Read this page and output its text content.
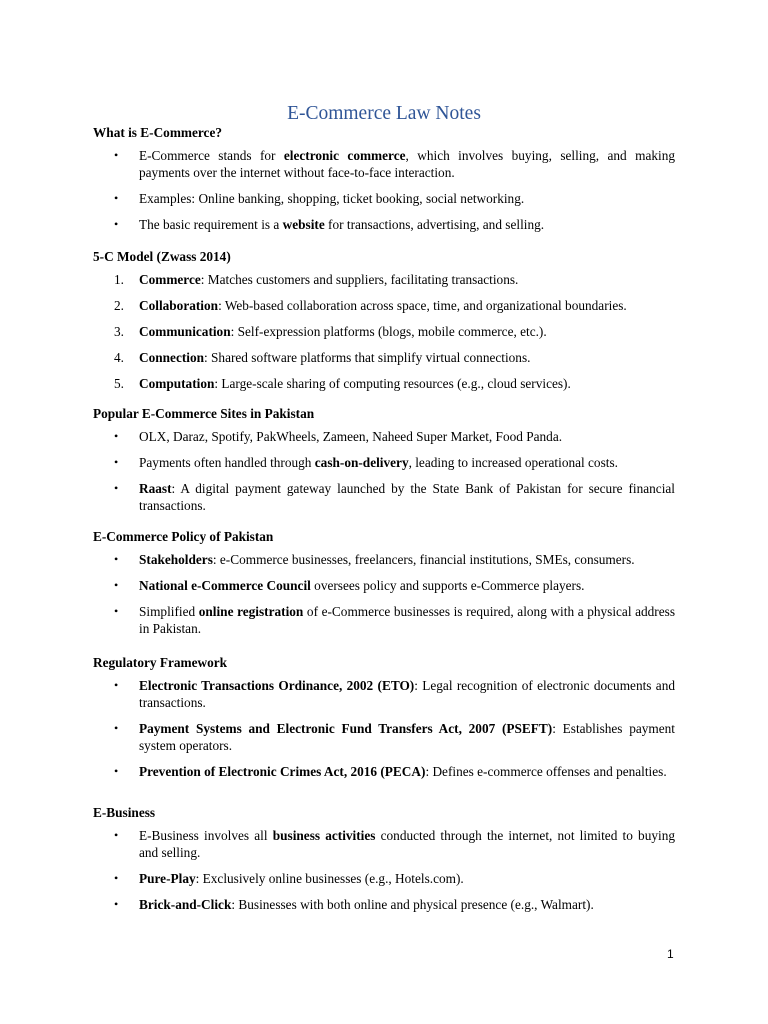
E-Commerce Law Notes
What is E-Commerce?
•	E-Commerce stands for electronic commerce, which involves buying, selling, and making payments over the internet without face-to-face interaction.
•	Examples: Online banking, shopping, ticket booking, social networking.
•	The basic requirement is a website for transactions, advertising, and selling.
5-C Model (Zwass 2014)
1.	Commerce: Matches customers and suppliers, facilitating transactions.
2.	Collaboration: Web-based collaboration across space, time, and organizational boundaries.
3.	Communication: Self-expression platforms (blogs, mobile commerce, etc.).
4.	Connection: Shared software platforms that simplify virtual connections.
5.	Computation: Large-scale sharing of computing resources (e.g., cloud services).
Popular E-Commerce Sites in Pakistan
•	OLX, Daraz, Spotify, PakWheels, Zameen, Naheed Super Market, Food Panda.
•	Payments often handled through cash-on-delivery, leading to increased operational costs.
•	Raast: A digital payment gateway launched by the State Bank of Pakistan for secure financial transactions.
E-Commerce Policy of Pakistan
•	Stakeholders: e-Commerce businesses, freelancers, financial institutions, SMEs, consumers.
•	National e-Commerce Council oversees policy and supports e-Commerce players.
•	Simplified online registration of e-Commerce businesses is required, along with a physical address in Pakistan.
Regulatory Framework
•	Electronic Transactions Ordinance, 2002 (ETO): Legal recognition of electronic documents and transactions.
•	Payment Systems and Electronic Fund Transfers Act, 2007 (PSEFT): Establishes payment system operators.
•	Prevention of Electronic Crimes Act, 2016 (PECA): Defines e-commerce offenses and penalties.
E-Business
•	E-Business involves all business activities conducted through the internet, not limited to buying and selling.
•	Pure-Play: Exclusively online businesses (e.g., Hotels.com).
•	Brick-and-Click: Businesses with both online and physical presence (e.g., Walmart).
1
